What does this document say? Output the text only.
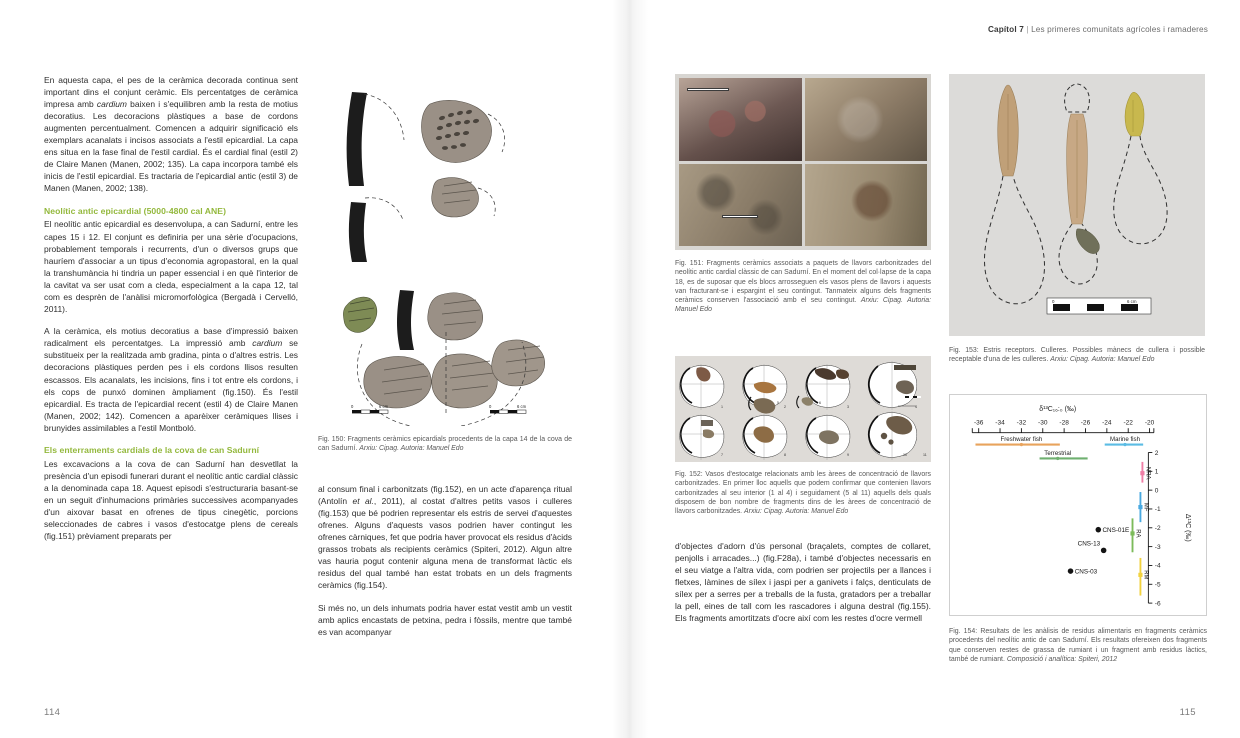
114

En aquesta capa, el pes de la ceràmica decorada continua sent important dins el conjunt ceràmic. Els percentatges de ceràmica impresa amb cardium baixen i s'equilibren amb la resta de motius decoratius. Les decoracions plàstiques a base de cordons augmenten percentualment. Comencen a adquirir significació els exemplars acanalats i incisos associats a l'estil epicardial. La capa ens situa en la fase final de l'estil cardial. És el cardial final (estil 2) de Claire Manen (Manen, 2002; 135). La capa incorpora també els inicis de l'estil epicardial. Es tractaria de l'epicardial antic (estil 3) de Manen (Manen, 2002; 138).

Neolític antic epicardial (5000-4800 cal ANE)

El neolític antic epicardial es desenvolupa, a can Sadurní, entre les capes 15 i 12. El conjunt es definiria per una sèrie d'ocupacions, probablement temporals i recurrents, d'un o diversos grups que hauríem d'associar a un tipus d'economia agropastoral, en la qual la transhumància hi tindria un paper essencial i en què l'interior de la cavitat va ser usat com a cleda, especialment a la capa 12, tal com es desprèn de l'anàlisi micromorfològica (Bergadà i Cervelló, 2011).

A la ceràmica, els motius decoratius a base d'impressió baixen radicalment els percentatges. La impressió amb cardium se substitueix per la realitzada amb gradina, pinta o d'altres estris. Les decoracions plàstiques perden pes i els cordons llisos resulten escassos. Els acanalats, les incisions, fins i tot entre els cordons, i els cops de punxó dominen àmpliament (fig.150). És l'estil epicardial. Es tracta de l'epicardial recent (estil 4) de Claire Manen (Manen, 2002; 142). Comencen a aparèixer ceràmiques llises i brunyides assimilables a l'estil Montboló.

Els enterraments cardials de la cova de can Sadurní

Les excavacions a la cova de can Sadurní han desvetllat la presència d'un episodi funerari durant el neolític antic cardial clàssic a la denominada capa 18. Aquest episodi s'estructuraria basant-se en un seguit d'inhumacions primàries successives acompanyades d'un aixovar basat en ofrenes de tipus cinegètic, porcions seleccionades de cabres i vasos d'estocatge plens de cereals (fig.151) prèviament preparats per

0	6 cm	0	6 cm
Fig. 150: Fragments ceràmics epicardials procedents de la capa 14 de la cova de can Sadurní. Arxiu: Cipag. Autoria: Manuel Edo

al consum final i carbonitzats (fig.152), en un acte d'aparença ritual (Antolín et al., 2011), al costat d'altres petits vasos i culleres (fig.153) que bé podrien representar els estris de servei d'aquestes ofrenes. Alguns d'aquests vasos podrien haver contingut les ofrenes càrniques, fet que podria haver provocat els residus d'àcids grassos trobats als recipients ceràmics (Spiteri, 2012). Algun altre vas hauria pogut contenir alguna mena de transformat làctic els residus del qual també han estat trobats en un dels fragments ceràmics (fig.154).

Si més no, un dels inhumats podria haver estat vestit amb un vestit amb aplics encastats de petxina, pedra i fòssils, mentre que també es van acompanyar

Capítol 7 | Les primeres comunitats agrícoles i ramaderes
115
Fig. 151: Fragments ceràmics associats a paquets de llavors carbonitzades del neolític antic cardial clàssic de can Sadurní. En el moment del col·lapse de la capa 18, es de suposar que els blocs arrosseguen els vasos plens de llavors i aquests van fracturant-se i espargint el seu contingut. Tanmateix alguns dels fragments ceràmics conserven l'associació amb el seu contingut. Arxiu: Cipag. Autoria: Manuel Edo
1	2	3	4
5	6
7	8	9	10	11
Fig. 152: Vasos d'estocatge relacionats amb les àrees de concentració de llavors carbonitzades. En primer lloc aquells que podem confirmar que contenien llavors carbonitzades al seu interior (1 al 4) i seguidament (5 al 11) aquells dels quals disposem de bon nombre de fragments dins de les àrees de concentració de llavors carbonitzades. Arxiu: Cipag. Autoria: Manuel Edo

d'objectes d'adorn d'ús personal (braçalets, comptes de collaret, penjolls i arracades...) (fig.F28a), i també d'objectes necessaris en el seu viatge a l'altra vida, com podrien ser projectils per a llances i fletxes, làmines de sílex i jaspi per a ganivets i falçs, denticulats de sílex per a serres per a treballs de la fusta, gratadors per a treballar la pell, eines de tall com les rascadores i alguna destral (fig.155). Els fragments amortitzats d'ocre així com les restes d'ocre vermell

0	6 cm
Fig. 153: Estris receptors. Culleres. Possibles mànecs de cullera i possible receptable d'una de les culleres. Arxiu: Cipag. Autoria: Manuel Edo
δ¹³C₁₆:₀ (‰)
-36 -34 -32 -30 -28 -26 -24 -22 -20
Freshwater fish	Marine fish
Terrestrial	2
1
0
-1
-2
-3
-4
-5
-6
Δ¹³C (‰)
NRA
MF
RA
RM
CNS-01E
CNS-13
CNS-03
Fig. 154: Resultats de les anàlisis de residus alimentaris en fragments ceràmics procedents del neolític antic de can Sadurní. Els resultats ofereixen dos fragments que conserven restes de grassa de rumiant i un fragment amb residus làctics, també de rumiant. Composició i analítica: Spiteri, 2012
